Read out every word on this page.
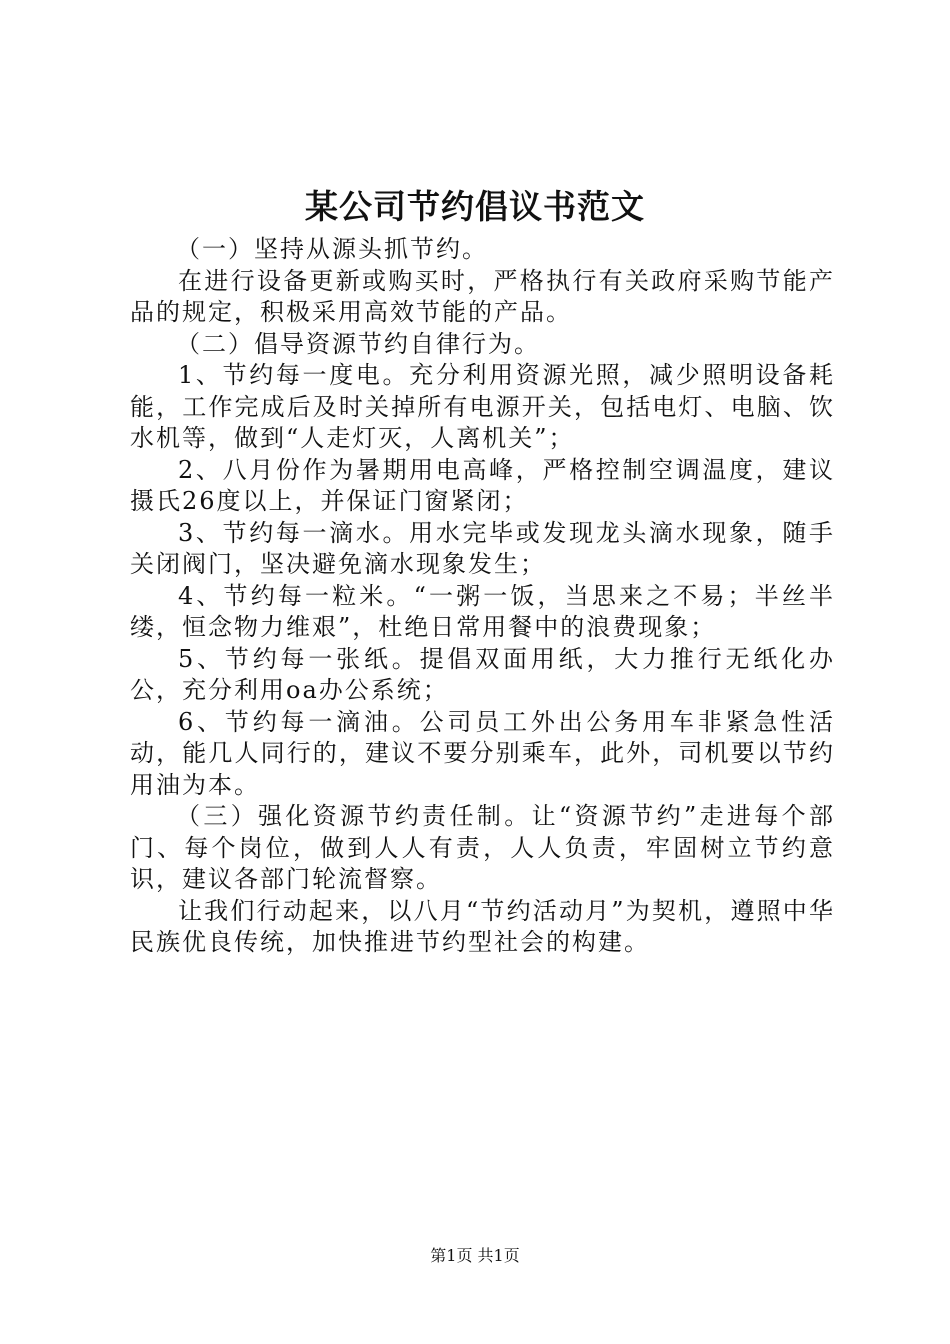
某公司节约倡议书范文

（一）坚持从源头抓节约。

在进行设备更新或购买时，严格执行有关政府采购节能产品的规定，积极采用高效节能的产品。

（二）倡导资源节约自律行为。

1、节约每一度电。充分利用资源光照，减少照明设备耗能，工作完成后及时关掉所有电源开关，包括电灯、电脑、饮水机等，做到“人走灯灭，人离机关”；

2、八月份作为暑期用电高峰，严格控制空调温度，建议摄氏26度以上，并保证门窗紧闭；

3、节约每一滴水。用水完毕或发现龙头滴水现象，随手关闭阀门，坚决避免滴水现象发生；

4、节约每一粒米。“一粥一饭，当思来之不易；半丝半缕，恒念物力维艰”，杜绝日常用餐中的浪费现象；

5、节约每一张纸。提倡双面用纸，大力推行无纸化办公，充分利用oa办公系统；

6、节约每一滴油。公司员工外出公务用车非紧急性活动，能几人同行的，建议不要分别乘车，此外，司机要以节约用油为本。

（三）强化资源节约责任制。让“资源节约”走进每个部门、每个岗位，做到人人有责，人人负责，牢固树立节约意识，建议各部门轮流督察。

让我们行动起来，以八月“节约活动月”为契机，遵照中华民族优良传统，加快推进节约型社会的构建。

第1页 共1页
